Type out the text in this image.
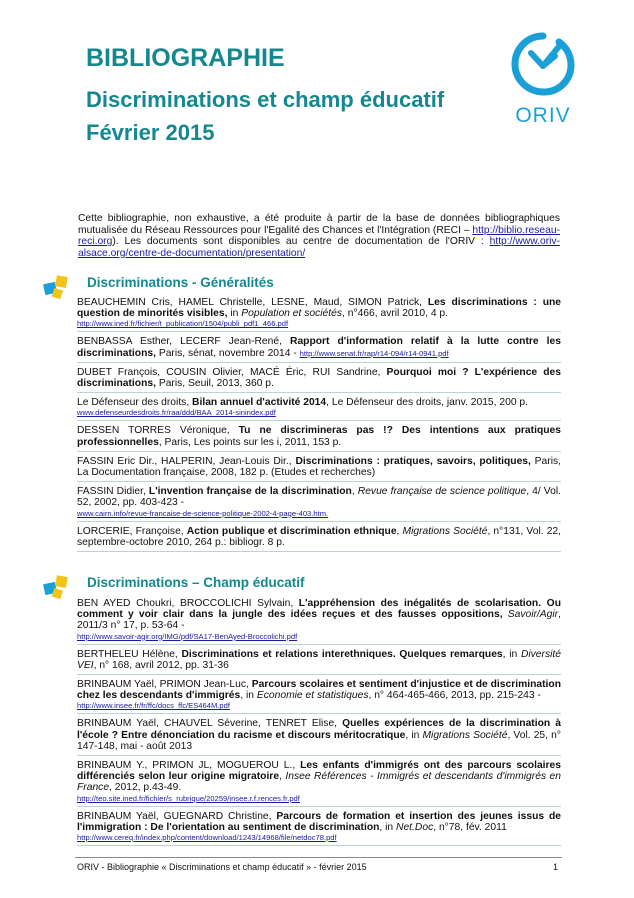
BIBLIOGRAPHIE
Discriminations et champ éducatif
Février 2015
ORIV

Cette bibliographie, non exhaustive, a été produite à partir de la base de données bibliographiques mutualisée du Réseau Ressources pour l'Egalité des Chances et l'Intégration (RECI – http://biblio.reseau-reci.org). Les documents sont disponibles au centre de documentation de l'ORIV : http://www.oriv-alsace.org/centre-de-documentation/presentation/

Discriminations - Généralités

BEAUCHEMIN Cris, HAMEL Christelle, LESNE, Maud, SIMON Patrick, Les discriminations : une question de minorités visibles, in Population et sociétés, n°466, avril 2010, 4 p.
http://www.ined.fr/fichier/t_publication/1504/publi_pdf1_466.pdf

BENBASSA Esther, LECERF Jean-René, Rapport d'information relatif à la lutte contre les discriminations, Paris, sénat, novembre 2014 - http://www.senat.fr/rap/r14-094/r14-0941.pdf

DUBET François, COUSIN Olivier, MACÉ Éric, RUI Sandrine, Pourquoi moi ? L'expérience des discriminations, Paris, Seuil, 2013, 360 p.

Le Défenseur des droits, Bilan annuel d'activité 2014, Le Défenseur des droits, janv. 2015, 200 p.
www.defenseurdesdroits.fr/raa/ddd/BAA_2014-sinindex.pdf

DESSEN TORRES Véronique, Tu ne discrimineras pas !? Des intentions aux pratiques professionnelles, Paris, Les points sur les i, 2011, 153 p.

FASSIN Eric Dir., HALPERIN, Jean-Louis Dir., Discriminations : pratiques, savoirs, politiques, Paris, La Documentation française, 2008, 182 p. (Etudes et recherches)

FASSIN Didier, L'invention française de la discrimination, Revue française de science politique, 4/ Vol. 52, 2002, pp. 403-423 -
www.cairn.info/revue-francaise-de-science-politique-2002-4-page-403.htm.

LORCERIE, Françoise, Action publique et discrimination ethnique, Migrations Société, n°131, Vol. 22, septembre-octobre 2010, 264 p.: bibliogr. 8 p.

Discriminations – Champ éducatif

BEN AYED Choukri, BROCCOLICHI Sylvain, L'appréhension des inégalités de scolarisation. Ou comment y voir clair dans la jungle des idées reçues et des fausses oppositions, Savoir/Agir, 2011/3 n° 17, p. 53-64 -
http://www.savoir-agir.org/IMG/pdf/SA17-BenAyed-Broccolichi.pdf

BERTHELEU Hélène, Discriminations et relations interethniques. Quelques remarques, in Diversité VEI, n° 168, avril 2012, pp. 31-36

BRINBAUM Yaël, PRIMON Jean-Luc, Parcours scolaires et sentiment d'injustice et de discrimination chez les descendants d'immigrés, in Economie et statistiques, n° 464-465-466, 2013, pp. 215-243 -
http://www.insee.fr/fr/ffc/docs_ffc/ES464M.pdf

BRINBAUM Yaël, CHAUVEL Séverine, TENRET Elise, Quelles expériences de la discrimination à l'école ? Entre dénonciation du racisme et discours méritocratique, in Migrations Société, Vol. 25, n° 147-148, mai - août 2013

BRINBAUM Y., PRIMON JL, MOGUEROU L., Les enfants d'immigrés ont des parcours scolaires différenciés selon leur origine migratoire, Insee Références - Immigrés et descendants d'immigrés en France, 2012, p.43-49.
http://teo.site.ined.fr/fichier/s_rubrique/20259/insee.r.f.rences.fr.pdf

BRINBAUM Yaël, GUEGNARD Christine, Parcours de formation et insertion des jeunes issus de l'immigration : De l'orientation au sentiment de discrimination, in Net.Doc, n°78, fév. 2011
http://www.cereq.fr/index.php/content/download/1243/14968/file/netdoc78.pdf

ORIV - Bibliographie « Discriminations et champ éducatif » - février 2015	1
